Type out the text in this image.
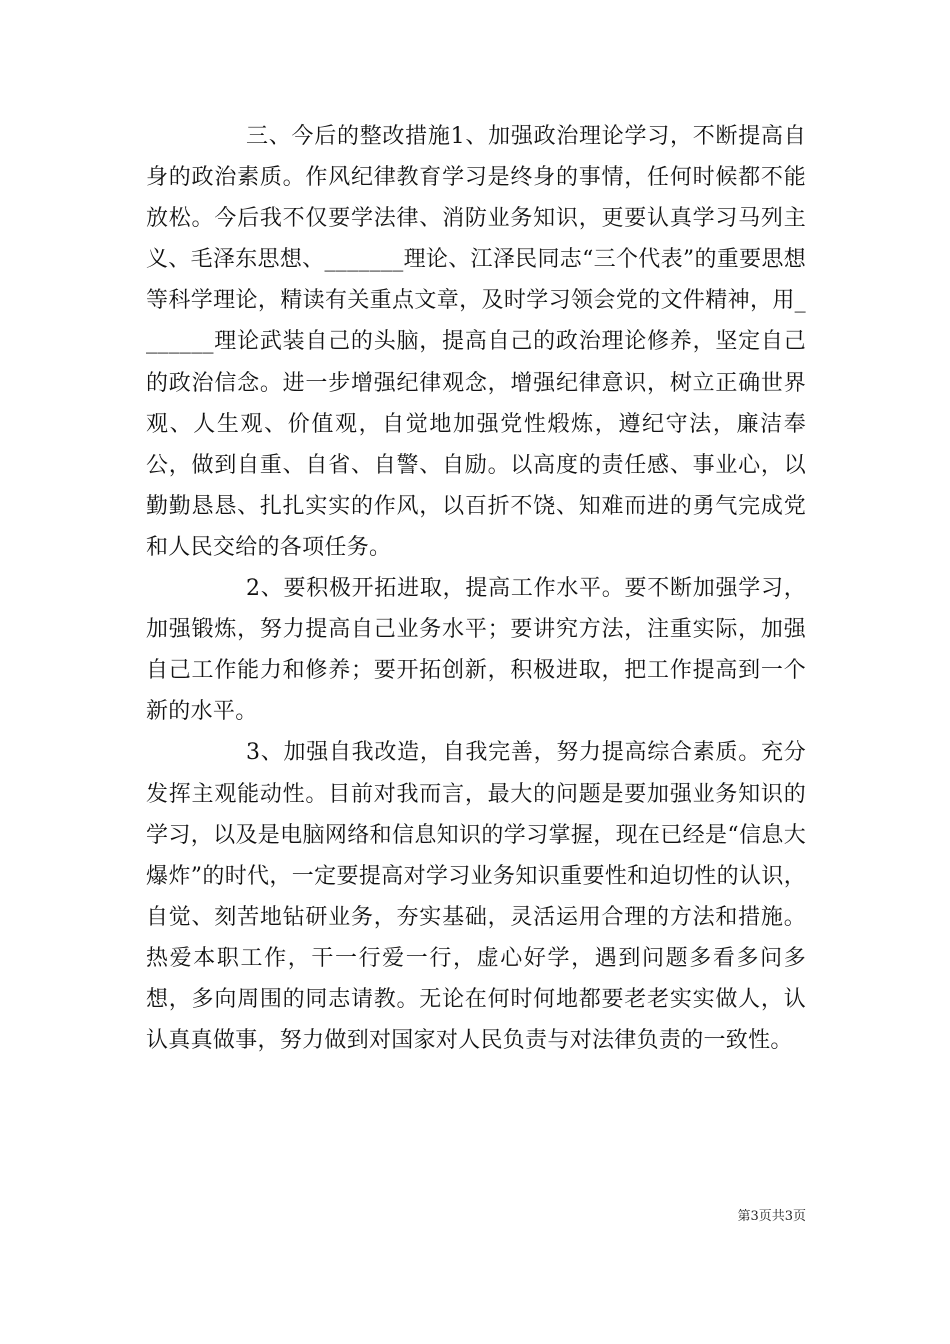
三、今后的整改措施1、加强政治理论学习，不断提高自身的政治素质。作风纪律教育学习是终身的事情，任何时候都不能放松。今后我不仅要学法律、消防业务知识，更要认真学习马列主义、毛泽东思想、_______理论、江泽民同志“三个代表”的重要思想等科学理论，精读有关重点文章，及时学习领会党的文件精神，用_______理论武装自己的头脑，提高自己的政治理论修养，坚定自己的政治信念。进一步增强纪律观念，增强纪律意识，树立正确世界观、人生观、价值观，自觉地加强党性煅炼，遵纪守法，廉洁奉公，做到自重、自省、自警、自励。以高度的责任感、事业心，以勤勤恳恳、扎扎实实的作风，以百折不饶、知难而进的勇气完成党和人民交给的各项任务。

2、要积极开拓进取，提高工作水平。要不断加强学习，加强锻炼，努力提高自己业务水平；要讲究方法，注重实际，加强自己工作能力和修养；要开拓创新，积极进取，把工作提高到一个新的水平。

3、加强自我改造，自我完善，努力提高综合素质。充分发挥主观能动性。目前对我而言，最大的问题是要加强业务知识的学习，以及是电脑网络和信息知识的学习掌握，现在已经是“信息大爆炸”的时代，一定要提高对学习业务知识重要性和迫切性的认识，自觉、刻苦地钻研业务，夯实基础，灵活运用合理的方法和措施。热爱本职工作，干一行爱一行，虚心好学，遇到问题多看多问多想，多向周围的同志请教。无论在何时何地都要老老实实做人，认认真真做事，努力做到对国家对人民负责与对法律负责的一致性。

第3页共3页
